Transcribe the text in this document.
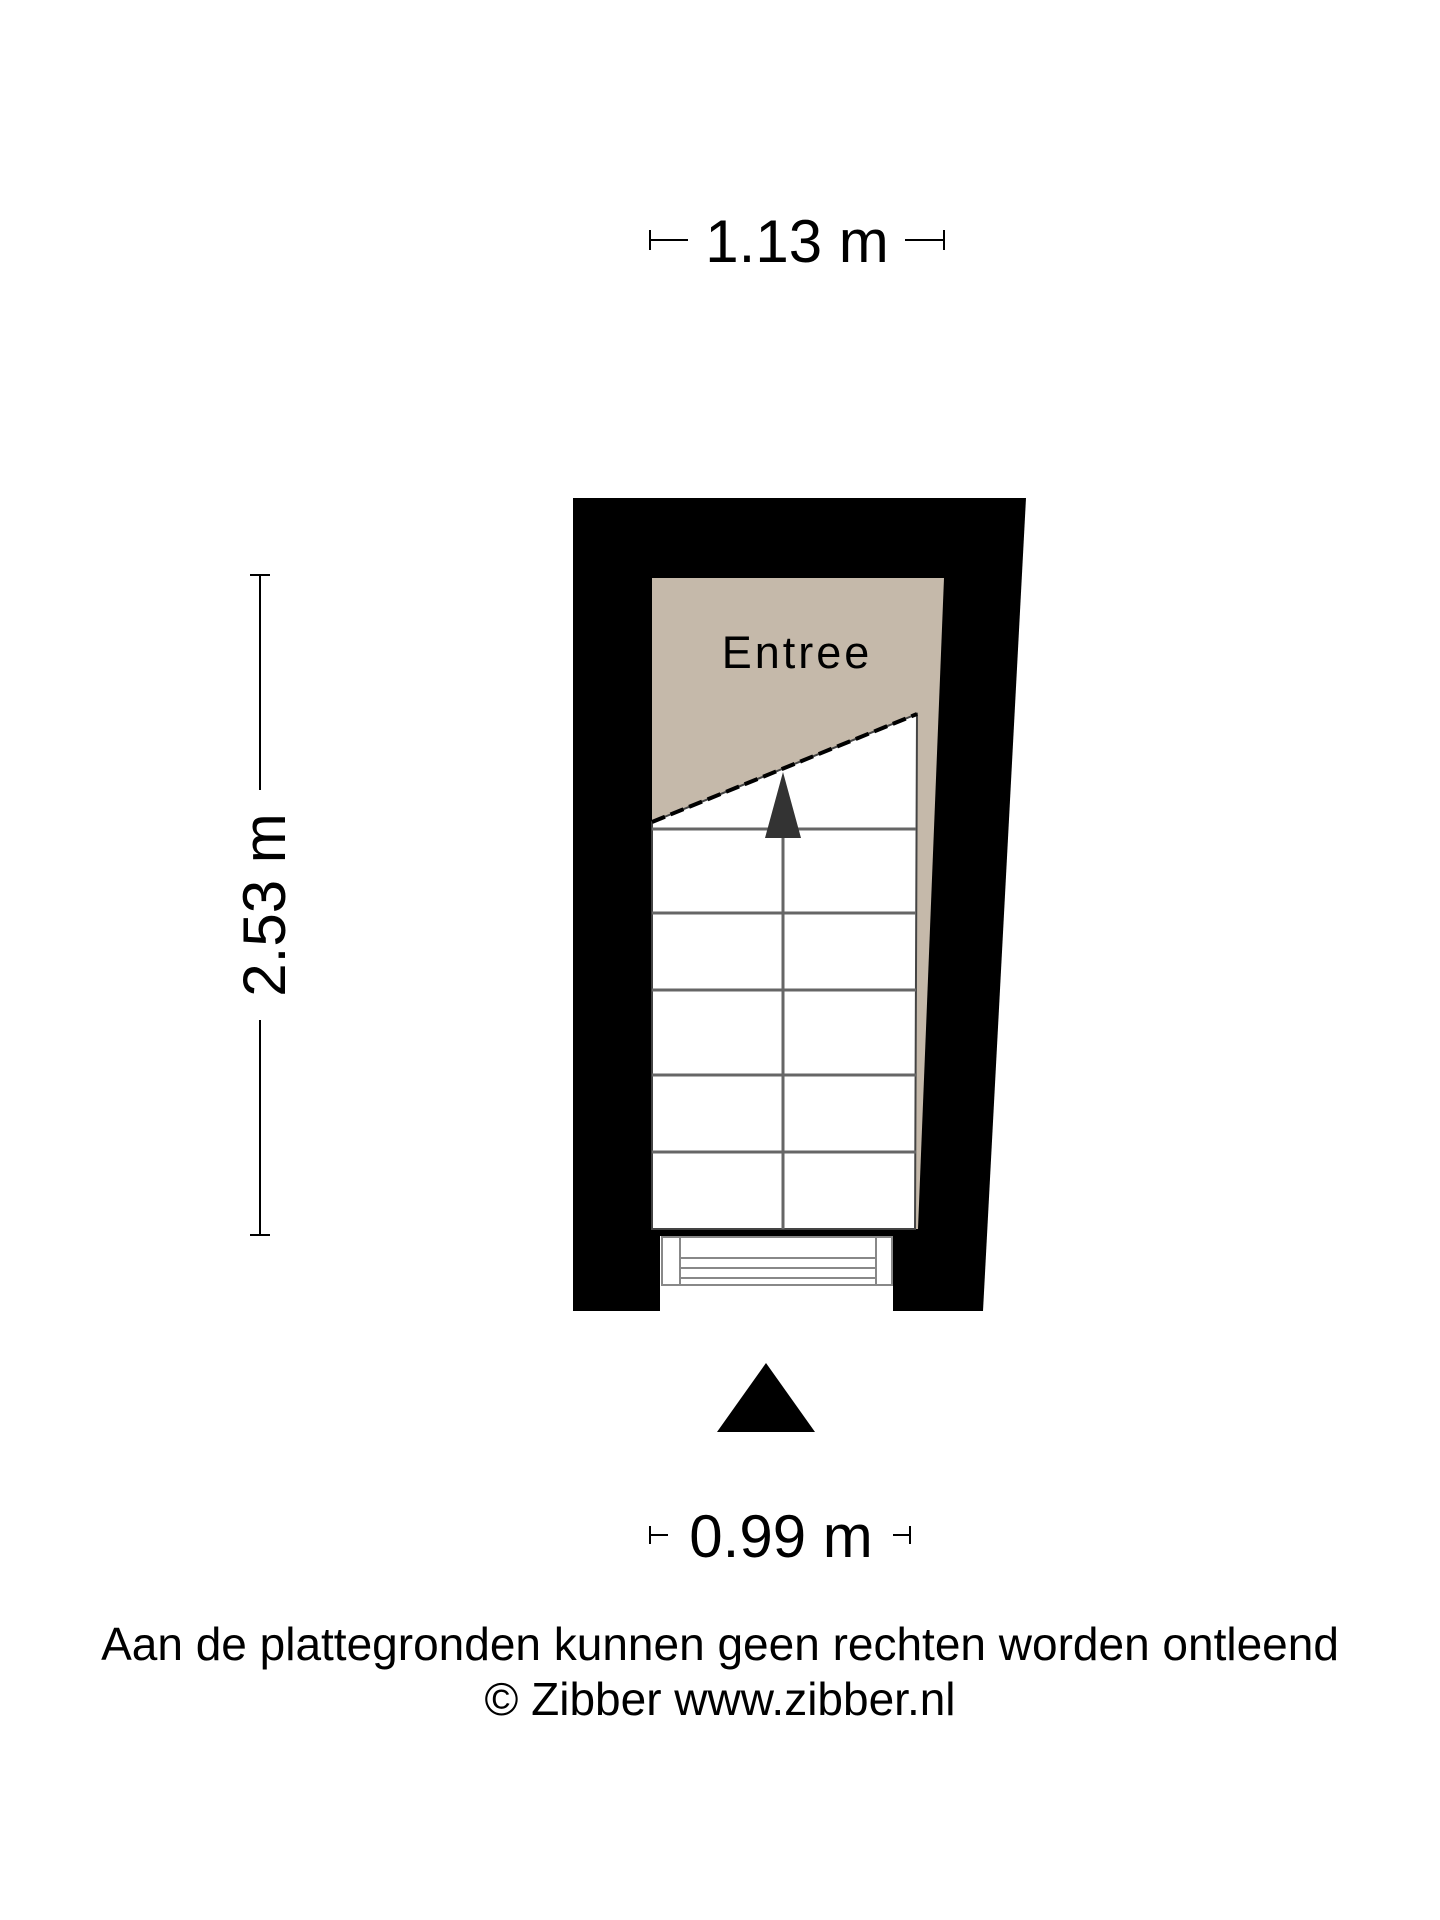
1.13 m
2.53 m
Entree
0.99 m
Aan de plattegronden kunnen geen rechten worden ontleend
© Zibber www.zibber.nl
